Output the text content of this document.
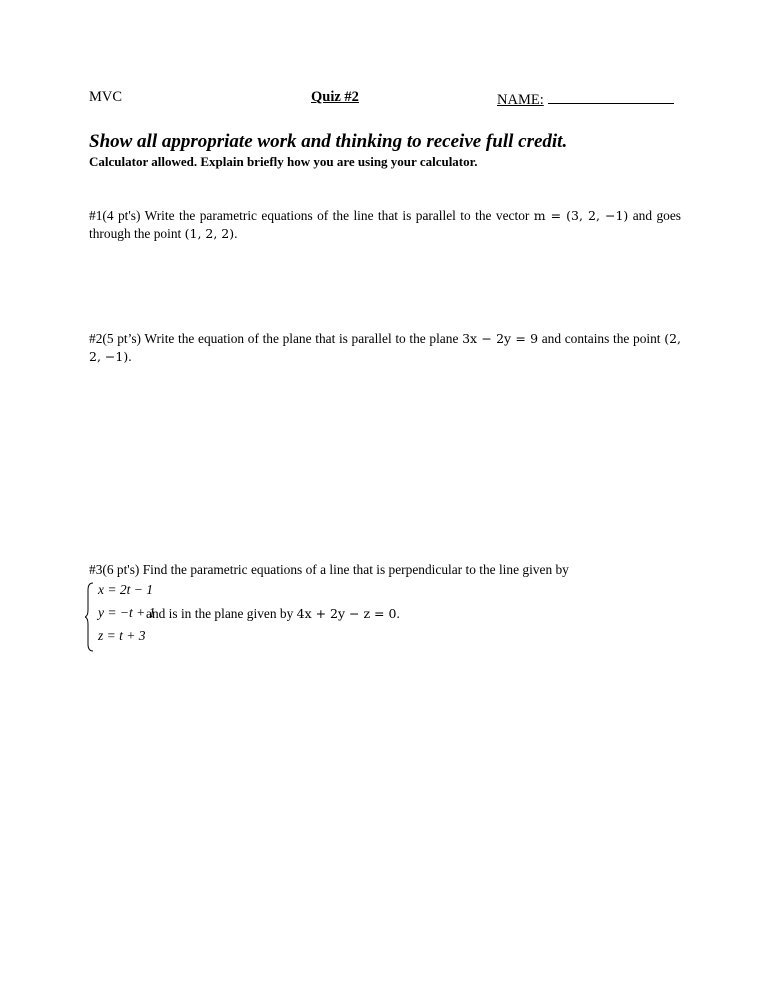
MVC	Quiz #2	NAME:
Show all appropriate work and thinking to receive full credit.
Calculator allowed. Explain briefly how you are using your calculator.
#1(4 pt's) Write the parametric equations of the line that is parallel to the vector m = (3, 2, −1) and goes through the point (1, 2, 2).
#2(5 pt’s) Write the equation of the plane that is parallel to the plane 3x − 2y = 9 and contains the point (2, 2, −1).
#3(6 pt's) Find the parametric equations of a line that is perpendicular to the line given by
x = 2t − 1
y = −t + 1
z = t + 3
and is in the plane given by 4x + 2y − z = 0.
